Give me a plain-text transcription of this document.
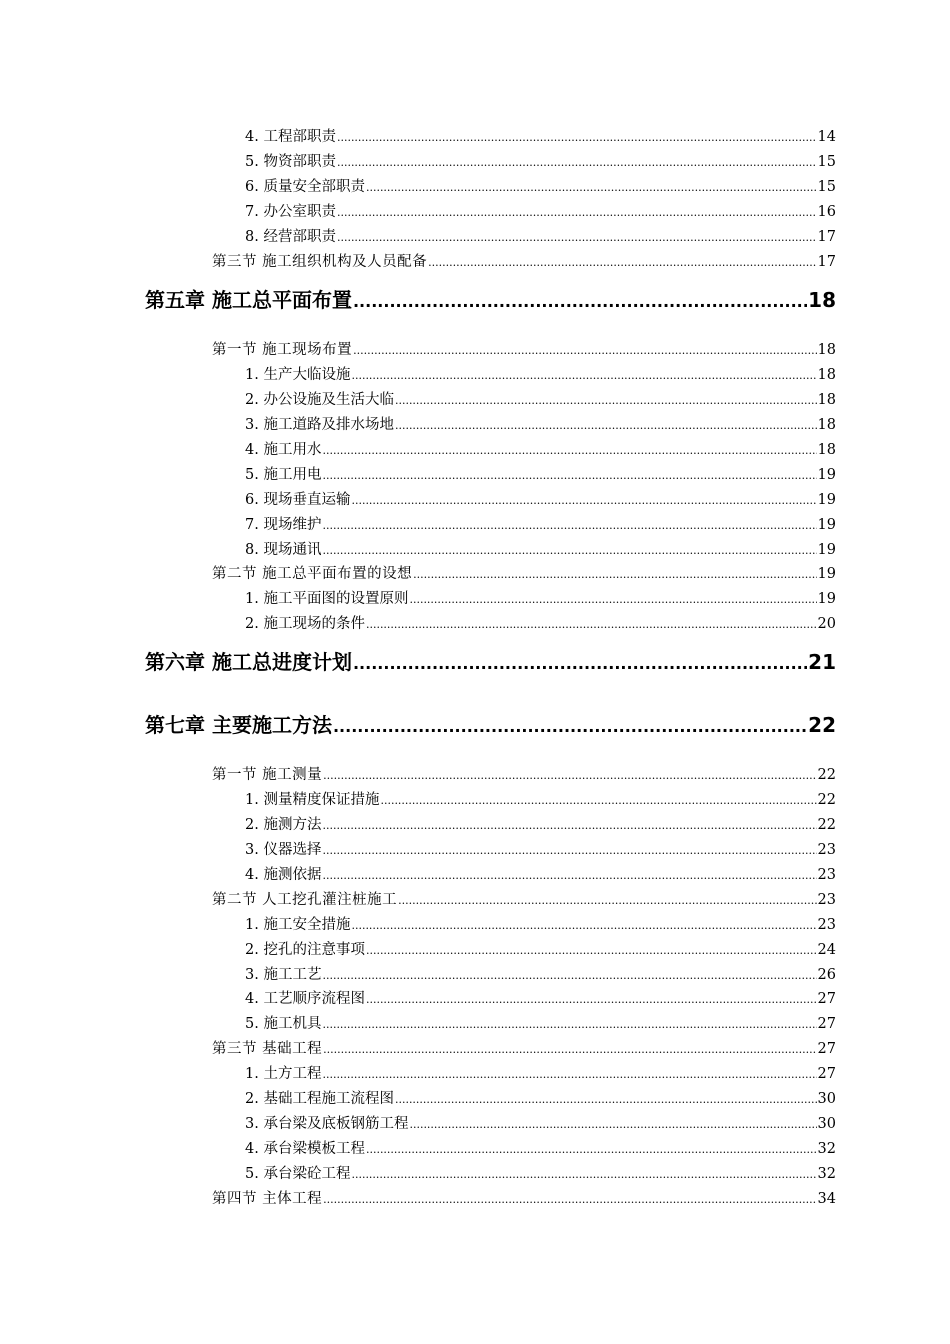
4. 工程部职责 .....	14
5. 物资部职责 .....	15
6. 质量安全部职责 .....	15
7. 办公室职责 .....	16
8. 经营部职责 .....	17
第三节 施工组织机构及人员配备 .....	17
第五章 施工总平面布置 .....	18
第一节 施工现场布置 .....	18
1. 生产大临设施 .....	18
2. 办公设施及生活大临 .....	18
3. 施工道路及排水场地 .....	18
4. 施工用水 .....	18
5. 施工用电 .....	19
6. 现场垂直运输 .....	19
7. 现场维护 .....	19
8. 现场通讯 .....	19
第二节 施工总平面布置的设想 .....	19
1. 施工平面图的设置原则 .....	19
2. 施工现场的条件 .....	20
第六章 施工总进度计划 .....	21
第七章 主要施工方法 .....	22
第一节 施工测量 .....	22
1. 测量精度保证措施 .....	22
2. 施测方法 .....	22
3. 仪器选择 .....	23
4. 施测依据 .....	23
第二节 人工挖孔灌注桩施工 .....	23
1. 施工安全措施 .....	23
2. 挖孔的注意事项 .....	24
3. 施工工艺 .....	26
4. 工艺顺序流程图 .....	27
5. 施工机具 .....	27
第三节 基础工程 .....	27
1. 土方工程 .....	27
2. 基础工程施工流程图 .....	30
3. 承台梁及底板钢筋工程 .....	30
4. 承台梁模板工程 .....	32
5. 承台梁砼工程 .....	32
第四节 主体工程 .....	34
